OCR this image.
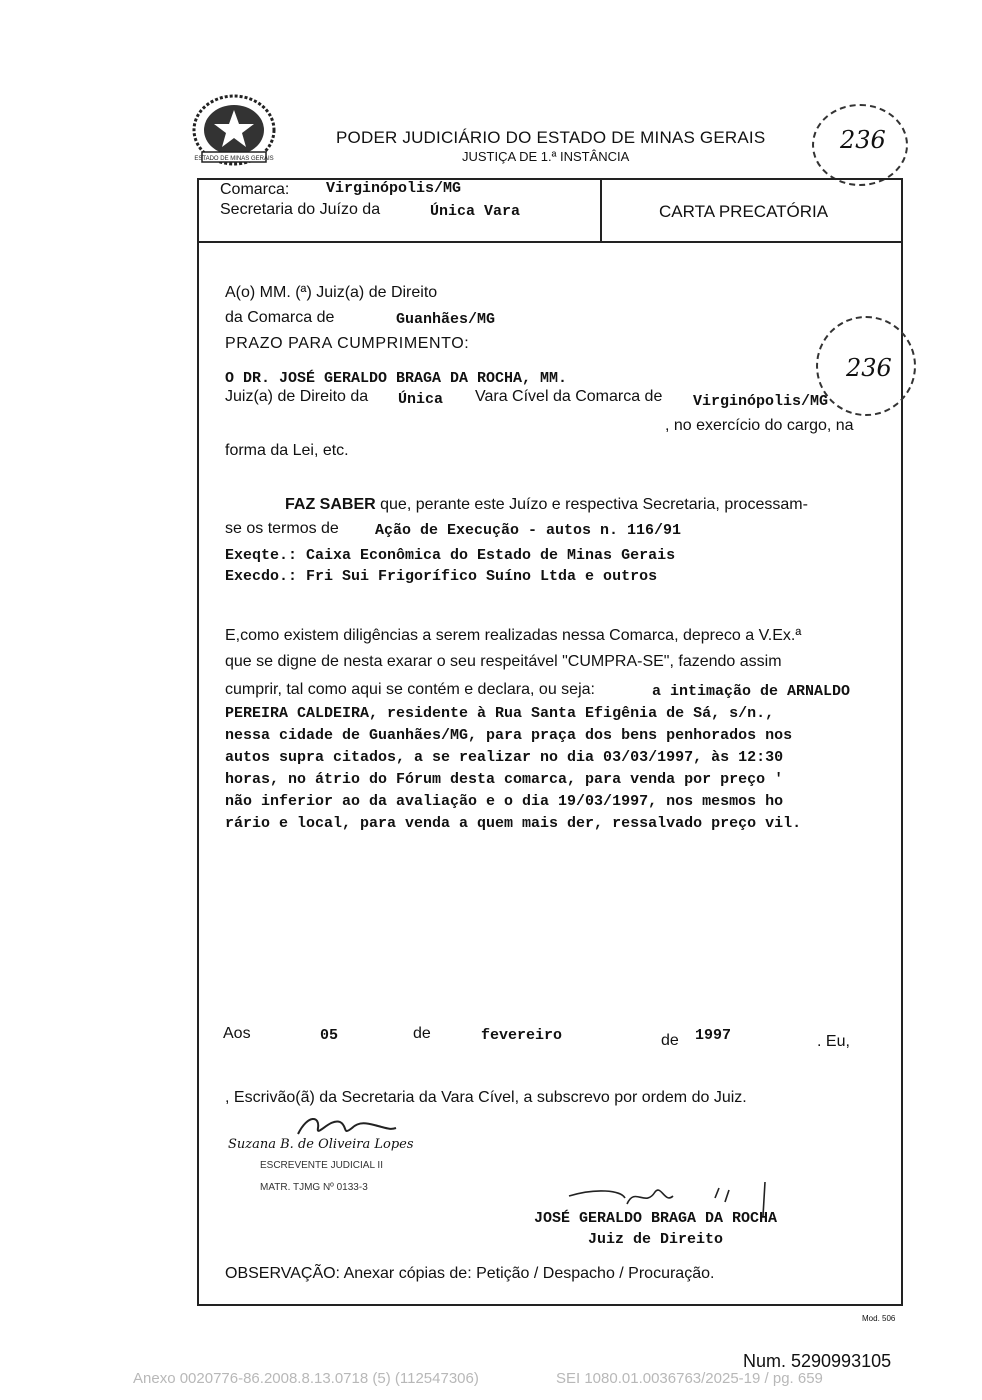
ESTADO DE MINAS GERAIS
PODER JUDICIÁRIO DO ESTADO DE MINAS GERAIS
JUSTIÇA DE 1.ª INSTÂNCIA
236
Comarca: Virginópolis/MG
Secretaria do Juízo da	Única Vara	CARTA PRECATÓRIA
A(o) MM. (ª) Juiz(a) de Direito
da Comarca de	Guanhães/MG
PRAZO PARA CUMPRIMENTO:
O DR. JOSÉ GERALDO BRAGA DA ROCHA, MM.
Juiz(a) de Direito da Única Vara Cível da Comarca de Virginópolis/MG
, no exercício do cargo, na
forma da Lei, etc.
236
FAZ SABER que, perante este Juízo e respectiva Secretaria, processam-
se os termos de Ação de Execução - autos n. 116/91
Exeqte.: Caixa Econômica do Estado de Minas Gerais
Execdo.: Fri Sui Frigorífico Suíno Ltda e outros
E,como existem diligências a serem realizadas nessa Comarca, depreco a V.Ex.ª
que se digne de nesta exarar o seu respeitável "CUMPRA-SE", fazendo assim
cumprir, tal como aqui se contém e declara, ou seja:	a intimação de ARNALDO
PEREIRA CALDEIRA, residente à Rua Santa Efigênia de Sá, s/n.,
nessa cidade de Guanhães/MG, para praça dos bens penhorados nos
autos supra citados, a se realizar no dia 03/03/1997, às 12:30
horas, no átrio do Fórum desta comarca, para venda por preço '
não inferior ao da avaliação e o dia 19/03/1997, nos mesmos ho
rário e local, para venda a quem mais der, ressalvado preço vil.
Aos	05	de	fevereiro	de 1997	. Eu,
, Escrivão(ã) da Secretaria da Vara Cível, a subscrevo por ordem do Juiz.
Suzana B. de Oliveira Lopes
ESCREVENTE JUDICIAL II
MATR. TJMG Nº 0133-3
JOSÉ GERALDO BRAGA DA ROCHA
Juiz de Direito
OBSERVAÇÃO: Anexar cópias de: Petição / Despacho / Procuração.
Mod. 506
Num. 5290993105
Anexo 0020776-86.2008.8.13.0718 (5) (112547306)	SEI 1080.01.0036763/2025-19 / pg. 659
